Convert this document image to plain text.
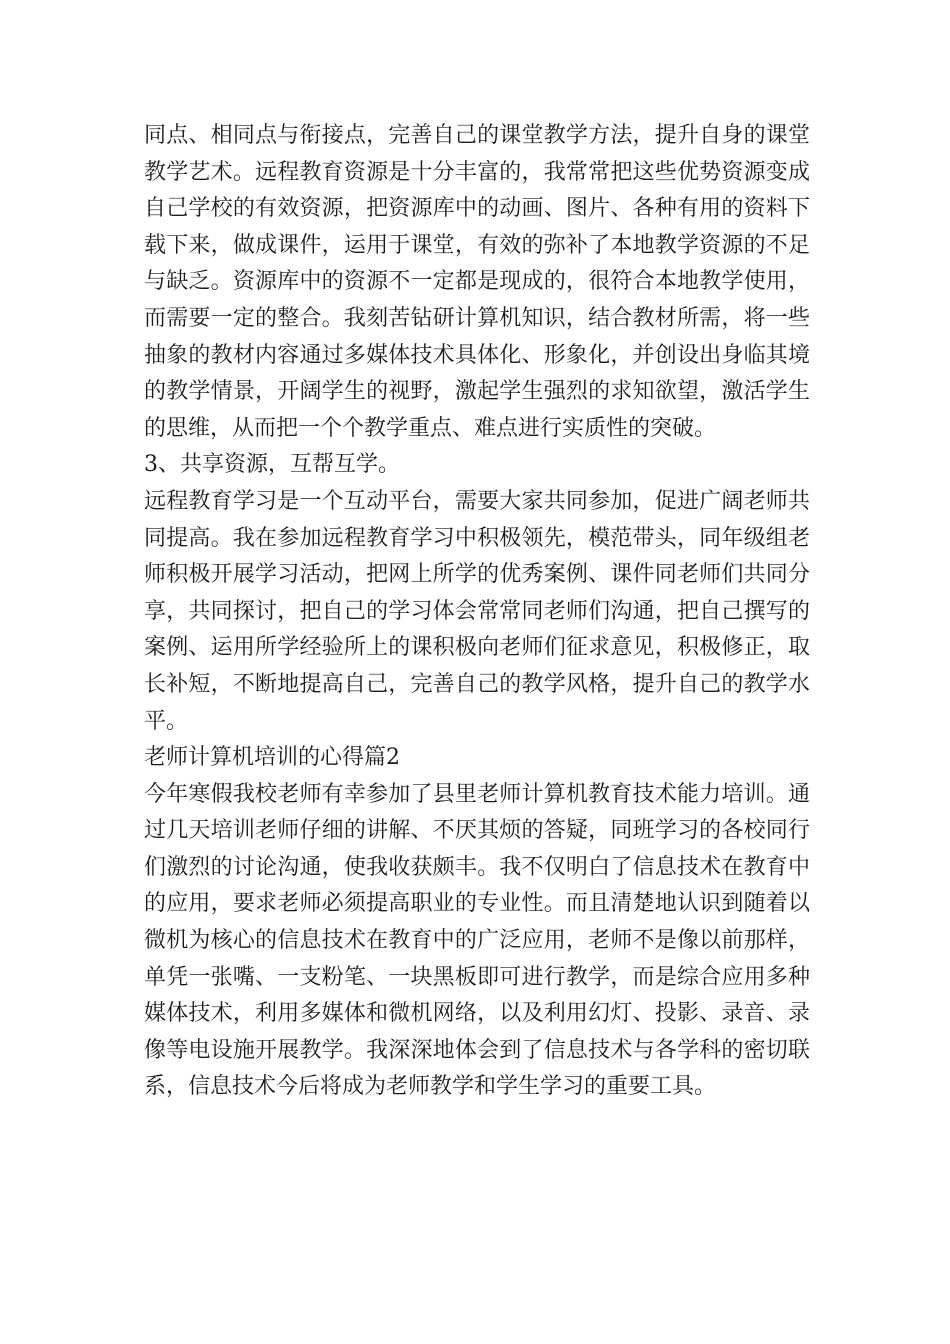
同点、相同点与衔接点，完善自己的课堂教学方法，提升自身的课堂教学艺术。远程教育资源是十分丰富的，我常常把这些优势资源变成自己学校的有效资源，把资源库中的动画、图片、各种有用的资料下载下来，做成课件，运用于课堂，有效的弥补了本地教学资源的不足与缺乏。资源库中的资源不一定都是现成的，很符合本地教学使用，而需要一定的整合。我刻苦钻研计算机知识，结合教材所需，将一些抽象的教材内容通过多媒体技术具体化、形象化，并创设出身临其境的教学情景，开阔学生的视野，激起学生强烈的求知欲望，激活学生的思维，从而把一个个教学重点、难点进行实质性的突破。

3、共享资源，互帮互学。

远程教育学习是一个互动平台，需要大家共同参加，促进广阔老师共同提高。我在参加远程教育学习中积极领先，模范带头，同年级组老师积极开展学习活动，把网上所学的优秀案例、课件同老师们共同分享，共同探讨，把自己的学习体会常常同老师们沟通，把自己撰写的案例、运用所学经验所上的课积极向老师们征求意见，积极修正，取长补短，不断地提高自己，完善自己的教学风格，提升自己的教学水平。

老师计算机培训的心得篇2

今年寒假我校老师有幸参加了县里老师计算机教育技术能力培训。通过几天培训老师仔细的讲解、不厌其烦的答疑，同班学习的各校同行们激烈的讨论沟通，使我收获颇丰。我不仅明白了信息技术在教育中的应用，要求老师必须提高职业的专业性。而且清楚地认识到随着以微机为核心的信息技术在教育中的广泛应用，老师不是像以前那样，单凭一张嘴、一支粉笔、一块黑板即可进行教学，而是综合应用多种媒体技术，利用多媒体和微机网络，以及利用幻灯、投影、录音、录像等电设施开展教学。我深深地体会到了信息技术与各学科的密切联系，信息技术今后将成为老师教学和学生学习的重要工具。
